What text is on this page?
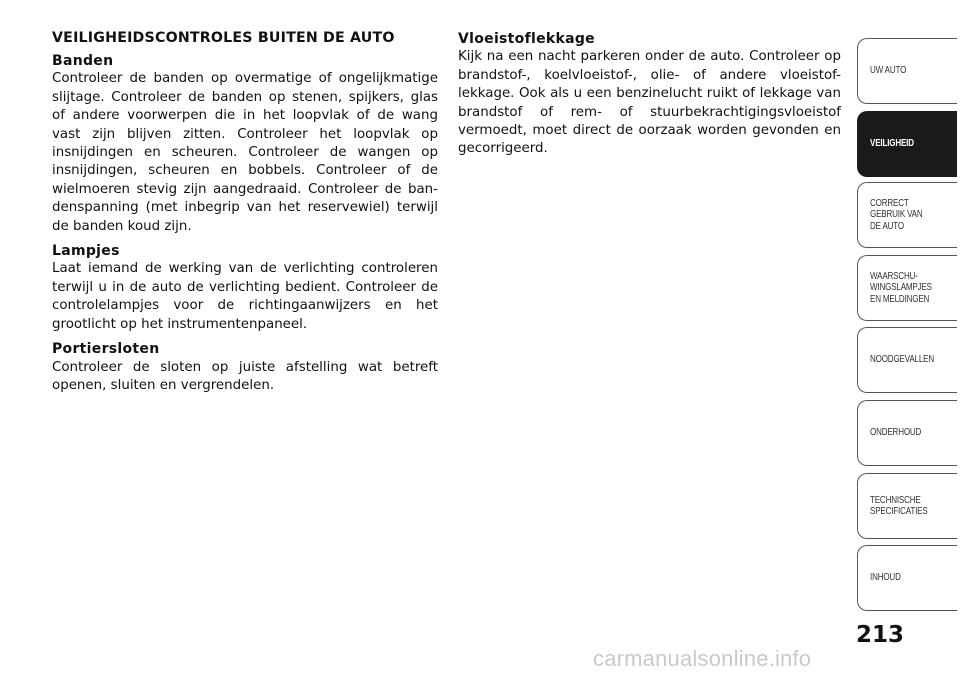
VEILIGHEIDSCONTROLES BUITEN DE AUTO
Banden
Controleer de banden op overmatige of ongelijkmatige slijtage. Controleer de banden op stenen, spijkers, glas of andere voorwerpen die in het loopvlak of de wang vast zijn blijven zitten. Controleer het loopvlak op insnijdingen en scheuren. Controleer de wangen op insnijdingen, scheuren en bobbels. Controleer of de wielmoeren stevig zijn aangedraaid. Controleer de ban-denspanning (met inbegrip van het reservewiel) terwijl de banden koud zijn.
Lampjes
Laat iemand de werking van de verlichting controleren terwijl u in de auto de verlichting bedient. Controleer de controlelampjes voor de richtingaanwijzers en het grootlicht op het instrumentenpaneel.
Portiersloten
Controleer de sloten op juiste afstelling wat betreft openen, sluiten en vergrendelen.
Vloeistoflekkage
Kijk na een nacht parkeren onder de auto. Controleer op brandstof-, koelvloeistof-, olie- of andere vloeistof-lekkage. Ook als u een benzinelucht ruikt of lekkage van brandstof of rem- of stuurbekrachtigingsvloeistof vermoedt, moet direct de oorzaak worden gevonden en gecorrigeerd.
UW AUTO
VEILIGHEID
CORRECT
GEBRUIK VAN
DE AUTO
WAARSCHU-
WINGSLAMPJES
EN MELDINGEN
NOODGEVALLEN
ONDERHOUD
TECHNISCHE
SPECIFICATIES
INHOUD
213
carmanualsonline.info
